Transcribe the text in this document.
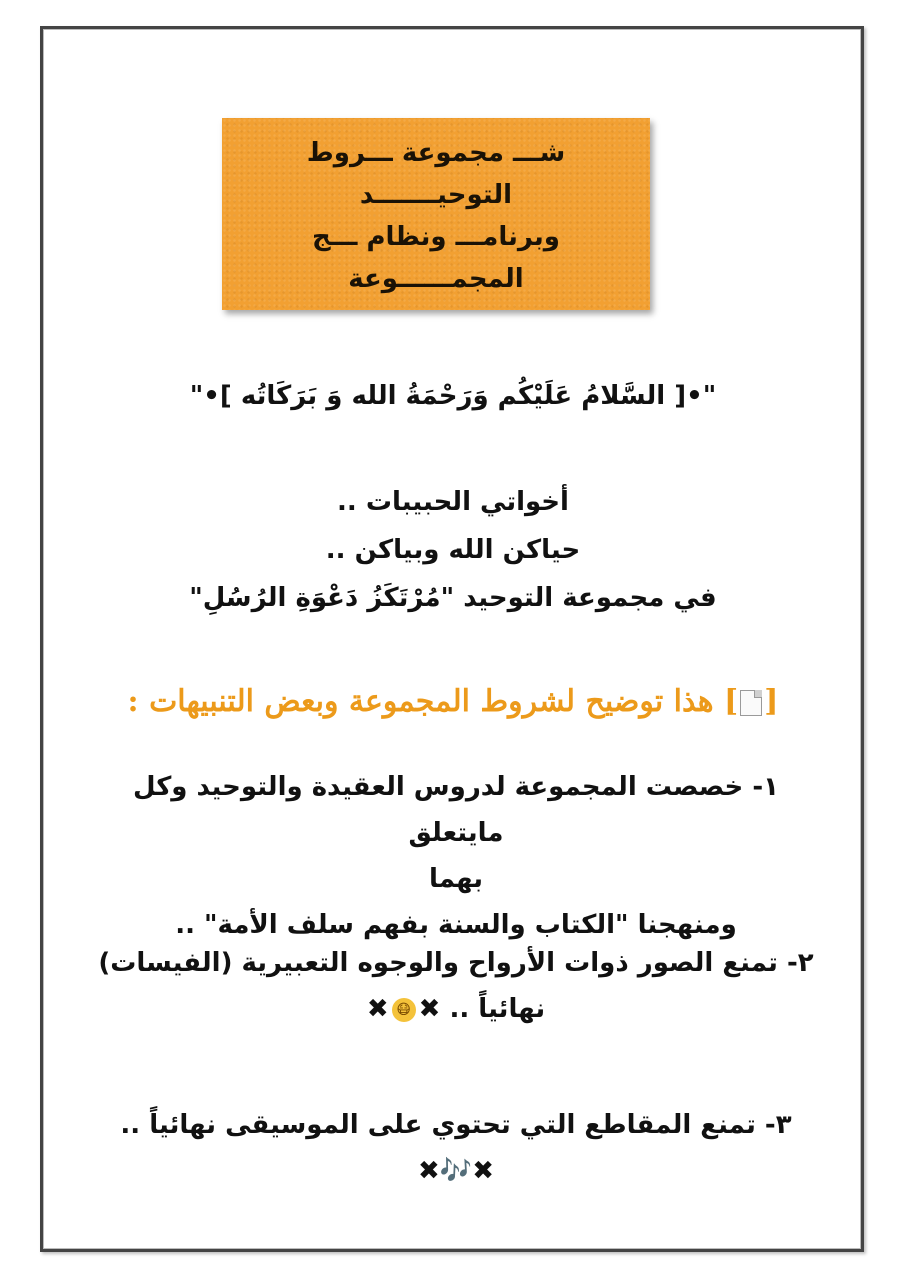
شـــ مجموعة ـــروط
التوحيـــــــد
وبرنامـــ ونظام ـــج
المجمــــــوعة
"•[ السَّلامُ عَلَيْكُم وَرَحْمَةُ الله وَ بَرَكَاتُه ]•"
أخواتي الحبيبات ..
حياكن الله وبياكن ..
في مجموعة التوحيد "مُرْتَكَزُ دَعْوَةِ الرُسُلِ"
[] هذا توضيح لشروط المجموعة وبعض التنبيهات :
١- خصصت المجموعة لدروس العقيدة والتوحيد وكل مايتعلق
بهما
ومنهجنا "الكتاب والسنة بفهم سلف الأمة" ..
٢- تمنع الصور ذوات الأرواح والوجوه التعبيرية (الفيسات)
نهائياً .. ✖😷✖
٣- تمنع المقاطع التي تحتوي على الموسيقى نهائياً .. ✖🎶✖
